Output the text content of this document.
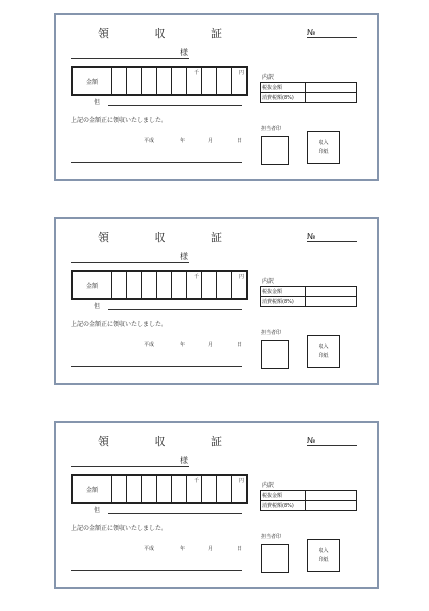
領 収 証	№
様
金額
千	円
但
上記の金額正に領収いたしました。
平成	年	月	日
内訳
税抜金額	
消費税額(8%)	
担当者印
収入
印紙
領 収 証	№
様
金額
千	円
但
上記の金額正に領収いたしました。
平成	年	月	日
内訳
税抜金額	
消費税額(8%)	
担当者印
収入
印紙
領 収 証	№
様
金額
千	円
但
上記の金額正に領収いたしました。
平成	年	月	日
内訳
税抜金額	
消費税額(8%)	
担当者印
収入
印紙
